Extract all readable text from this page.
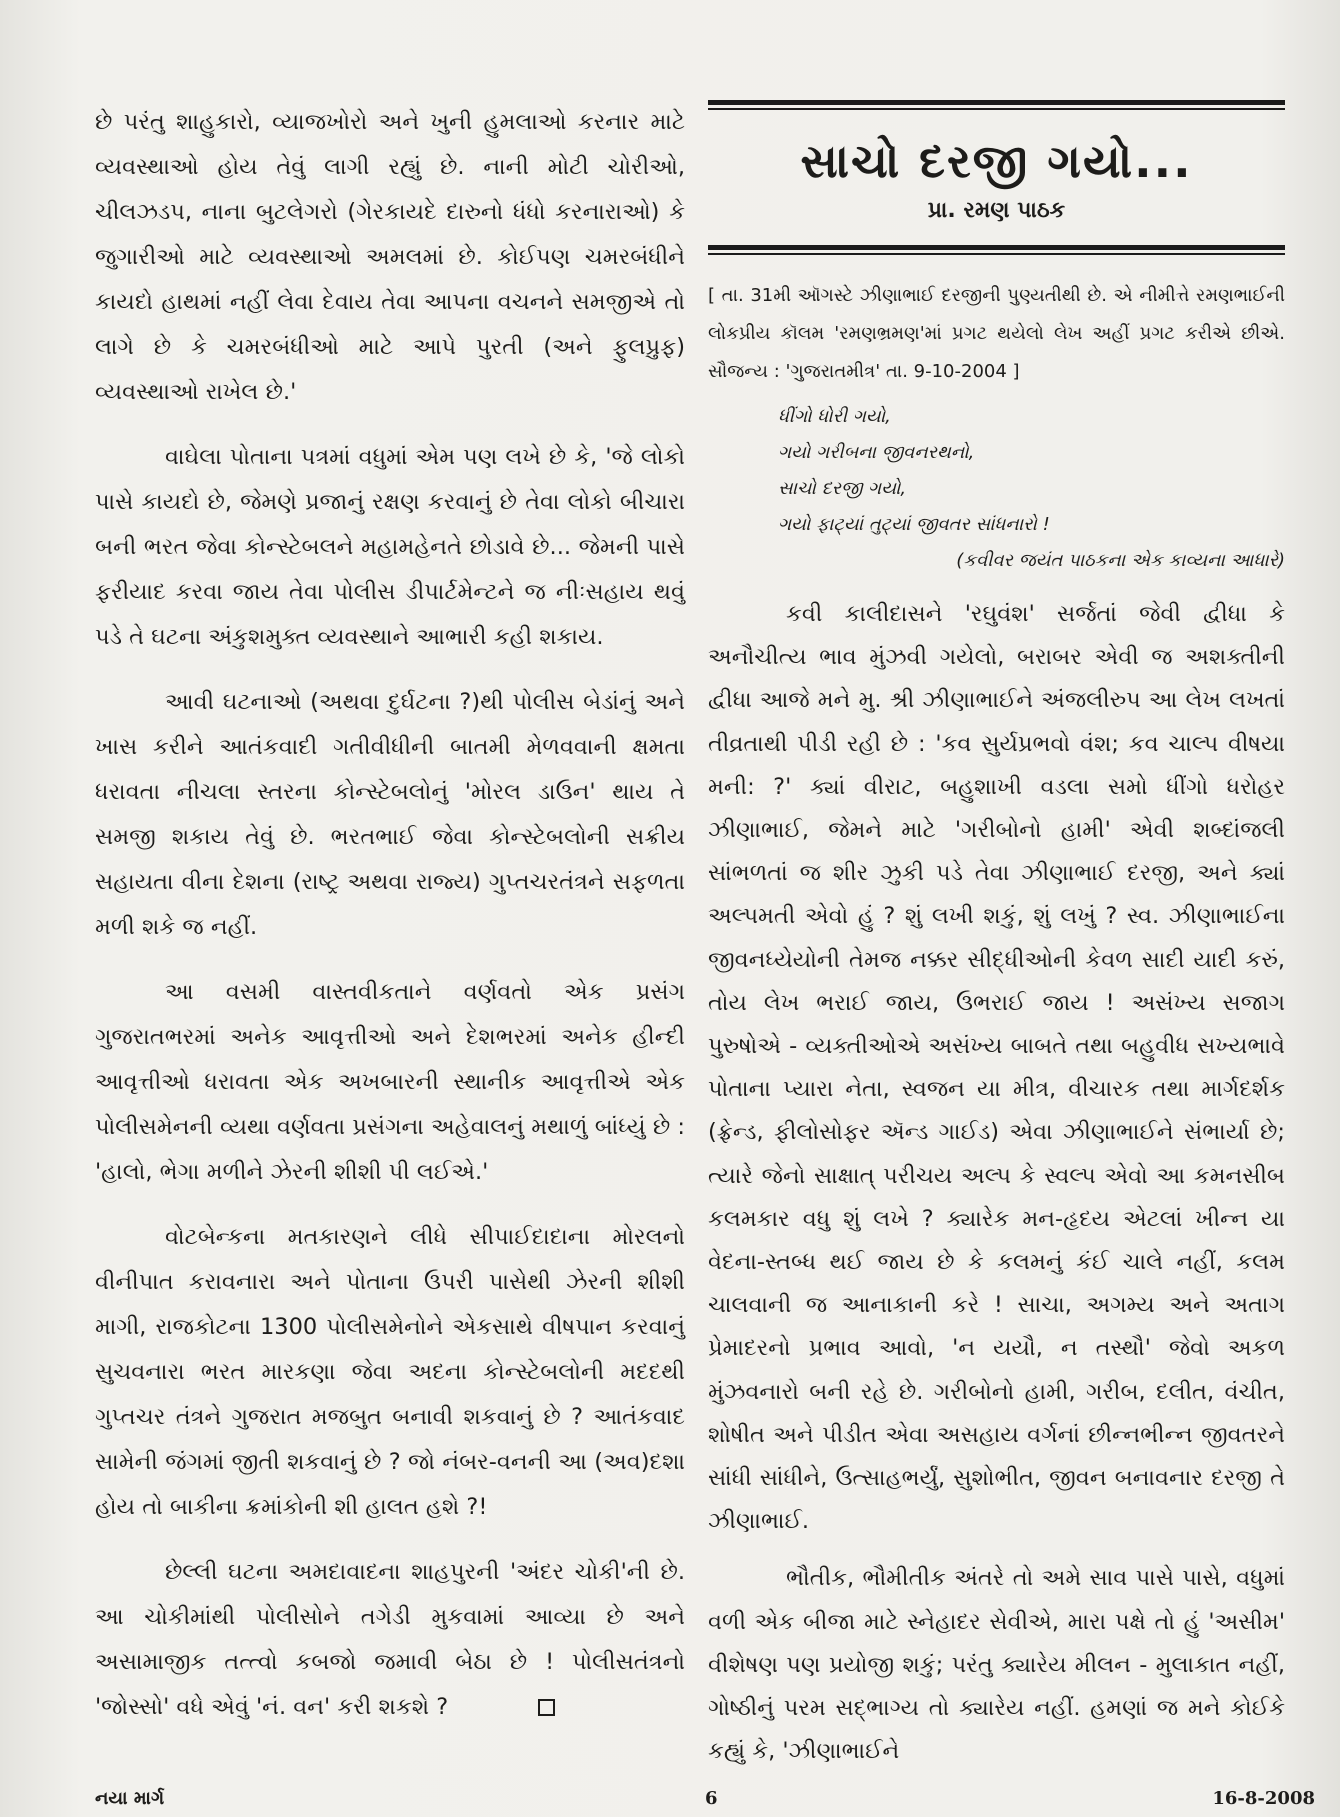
છે પરંતુ શાહુકારો, વ્યાજખોરો અને ખુની હુમલાઓ કરનાર માટે વ્યવસ્થાઓ હોય તેવું લાગી રહ્યું છે. નાની મોટી ચોરીઓ, ચીલઝડપ, નાના બુટલેગરો (ગેરકાયદે દારુનો ધંધો કરનારાઓ) કે જુગારીઓ માટે વ્યવસ્થાઓ અમલમાં છે. કોઈપણ ચમરબંધીને કાયદો હાથમાં નહીં લેવા દેવાય તેવા આપના વચનને સમજીએ તો લાગે છે કે ચમરબંધીઓ માટે આપે પુરતી (અને ફુલપ્રુફ) વ્યવસ્થાઓ રાખેલ છે.'

વાઘેલા પોતાના પત્રમાં વધુમાં એમ પણ લખે છે કે, 'જે લોકો પાસે કાયદો છે, જેમણે પ્રજાનું રક્ષણ કરવાનું છે તેવા લોકો બીચારા બની ભરત જેવા કોન્સ્ટેબલને મહામહેનતે છોડાવે છે... જેમની પાસે ફરીયાદ કરવા જાય તેવા પોલીસ ડીપાર્ટમેન્ટને જ નીઃસહાય થવું પડે તે ઘટના અંકુશમુક્ત વ્યવસ્થાને આભારી કહી શકાય.

આવી ઘટનાઓ (અથવા દુર્ઘટના ?)થી પોલીસ બેડાંનું અને ખાસ કરીને આતંકવાદી ગતીવીધીની બાતમી મેળવવાની ક્ષમતા ધરાવતા નીચલા સ્તરના કોન્સ્ટેબલોનું 'મોરલ ડાઉન' થાય તે સમજી શકાય તેવું છે. ભરતભાઈ જેવા કોન્સ્ટેબલોની સક્રીય સહાયતા વીના દેશના (રાષ્ટ્ર અથવા રાજ્ય) ગુપ્તચરતંત્રને સફળતા મળી શકે જ નહીં.

આ વસમી વાસ્તવીકતાને વર્ણવતો એક પ્રસંગ ગુજરાતભરમાં અનેક આવૃત્તીઓ અને દેશભરમાં અનેક હીન્દી આવૃત્તીઓ ધરાવતા એક અખબારની સ્થાનીક આવૃત્તીએ એક પોલીસમેનની વ્યથા વર્ણવતા પ્રસંગના અહેવાલનું મથાળું બાંધ્યું છે : 'હાલો, ભેગા મળીને ઝેરની શીશી પી લઈએ.'

વોટબેન્કના મતકારણને લીધે સીપાઈદાદાના મોરલનો વીનીપાત કરાવનારા અને પોતાના ઉપરી પાસેથી ઝેરની શીશી માગી, રાજકોટના 1300 પોલીસમેનોને એકસાથે વીષપાન કરવાનું સુચવનારા ભરત મારકણા જેવા અદના કોન્સ્ટેબલોની મદદથી ગુપ્તચર તંત્રને ગુજરાત મજબુત બનાવી શકવાનું છે ? આતંકવાદ સામેની જંગમાં જીતી શકવાનું છે ? જો નંબર-વનની આ (અવ)દશા હોય તો બાકીના ક્રમાંકોની શી હાલત હશે ?!

છેલ્લી ઘટના અમદાવાદના શાહપુરની 'અંદર ચોકી'ની છે. આ ચોકીમાંથી પોલીસોને તગેડી મુકવામાં આવ્યા છે અને અસામાજીક તત્ત્વો કબજો જમાવી બેઠા છે ! પોલીસતંત્રનો 'જોસ્સો' વધે એવું 'નં. વન' કરી શકશે ?

સાચો દરજી ગયો...
પ્રા. રમણ પાઠક
[ તા. 31મી ઑગસ્ટે ઝીણાભાઈ દરજીની પુણ્યતીથી છે. એ નીમીત્તે રમણભાઈની લોકપ્રીય કૉલમ 'રમણભ્રમણ'માં પ્રગટ થયેલો લેખ અહીં પ્રગટ કરીએ છીએ. સૌજન્ય : 'ગુજરાતમીત્ર' તા. 9-10-2004 ]
ધીંગો ધોરી ગયો,
ગયો ગરીબના જીવનરથનો,
સાચો દરજી ગયો,
ગયો ફાટ્યાં તુટ્યાં જીવતર સાંધનારો !
(કવીવર જયંત પાઠકના એક કાવ્યના આધારે)

કવી કાલીદાસને 'રઘુવંશ' સર્જતાં જેવી દ્વીધા કે અનૌચીત્ય ભાવ મુંઝવી ગયેલો, બરાબર એવી જ અશક્તીની દ્વીધા આજે મને મુ. શ્રી ઝીણાભાઈને અંજલીરુપ આ લેખ લખતાં તીવ્રતાથી પીડી રહી છે : 'કવ સુર્યપ્રભવો વંશ; કવ ચાલ્પ વીષયા મની: ?' ક્યાં વીરાટ, બહુશાખી વડલા સમો ધીંગો ધરોહર ઝીણાભાઈ, જેમને માટે 'ગરીબોનો હામી' એવી શબ્દાંજલી સાંભળતાં જ શીર ઝુકી પડે તેવા ઝીણાભાઈ દરજી, અને ક્યાં અલ્પમતી એવો હું ? શું લખી શકું, શું લખું ? સ્વ. ઝીણાભાઈના જીવનધ્યેયોની તેમજ નક્કર સીદ્ધીઓની કેવળ સાદી યાદી કરું, તોય લેખ ભરાઈ જાય, ઉભરાઈ જાય ! અસંખ્ય સજાગ પુરુષોએ - વ્યક્તીઓએ અસંખ્ય બાબતે તથા બહુવીધ સખ્યભાવે પોતાના પ્યારા નેતા, સ્વજન યા મીત્ર, વીચારક તથા માર્ગદર્શક (ફ્રેન્ડ, ફીલોસોફર ઍન્ડ ગાઈડ) એવા ઝીણાભાઈને સંભાર્યા છે; ત્યારે જેનો સાક્ષાત્ પરીચય અલ્પ કે સ્વલ્પ એવો આ કમનસીબ કલમકાર વધુ શું લખે ? ક્યારેક મન-હૃદય એટલાં ખીન્ન યા વેદના-સ્તબ્ધ થઈ જાય છે કે કલમનું કંઈ ચાલે નહીં, કલમ ચાલવાની જ આનાકાની કરે ! સાચા, અગમ્ય અને અતાગ પ્રેમાદરનો પ્રભાવ આવો, 'ન યયૌ, ન તસ્થૌ' જેવો અકળ મુંઝવનારો બની રહે છે. ગરીબોનો હામી, ગરીબ, દલીત, વંચીત, શોષીત અને પીડીત એવા અસહાય વર્ગનાં છીન્નભીન્ન જીવતરને સાંધી સાંધીને, ઉત્સાહભર્યું, સુશોભીત, જીવન બનાવનાર દરજી તે ઝીણાભાઈ.

ભૌતીક, ભૌમીતીક અંતરે તો અમે સાવ પાસે પાસે, વધુમાં વળી એક બીજા માટે સ્નેહાદર સેવીએ, મારા પક્ષે તો હું 'અસીમ' વીશેષણ પણ પ્રયોજી શકું; પરંતુ ક્યારેય મીલન - મુલાકાત નહીં, ગોષ્ઠીનું પરમ સદ્ભાગ્ય તો ક્યારેય નહીં. હમણાં જ મને કોઈકે કહ્યું કે, 'ઝીણાભાઈને

નયા માર્ગ	6	16-8-2008
